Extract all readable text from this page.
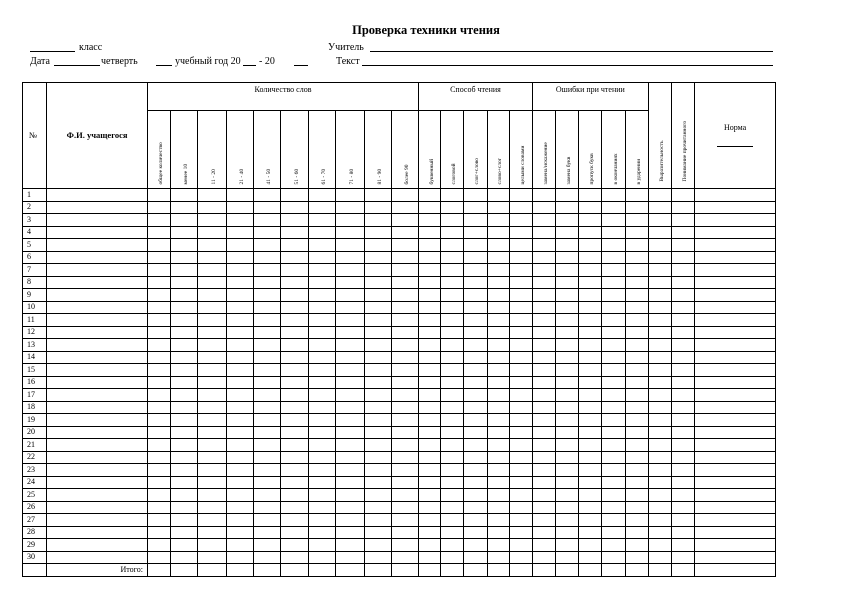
Проверка техники чтения
класс	Учитель
Дата	четверть	учебный год 20 - 20	Текст
№	Ф.И. учащегося	Количество слов										Способ чтения					Ошибки при чтении					Выразительность	Понимание прочитанного	Норма

		общее количество	менее 10	11 - 20	21 - 40	41 - 50	51 - 60	61 - 70	71 - 80	81 - 90	более 90	буквенный	слоговой	слог+слово	слово+слог	целыми словами	замена/искажение	замена букв	пропуск букв	в окончаниях	в ударении			

1																								
2																								
3																								
4																								
5																								
6																								
7																								
8																								
9																								
10																								
11																								
12																								
13																								
14																								
15																								
16																								
17																								
18																								
19																								
20																								
21																								
22																								
23																								
24																								
25																								
26																								
27																								
28																								
29																								
30																								
	Итого:																							
